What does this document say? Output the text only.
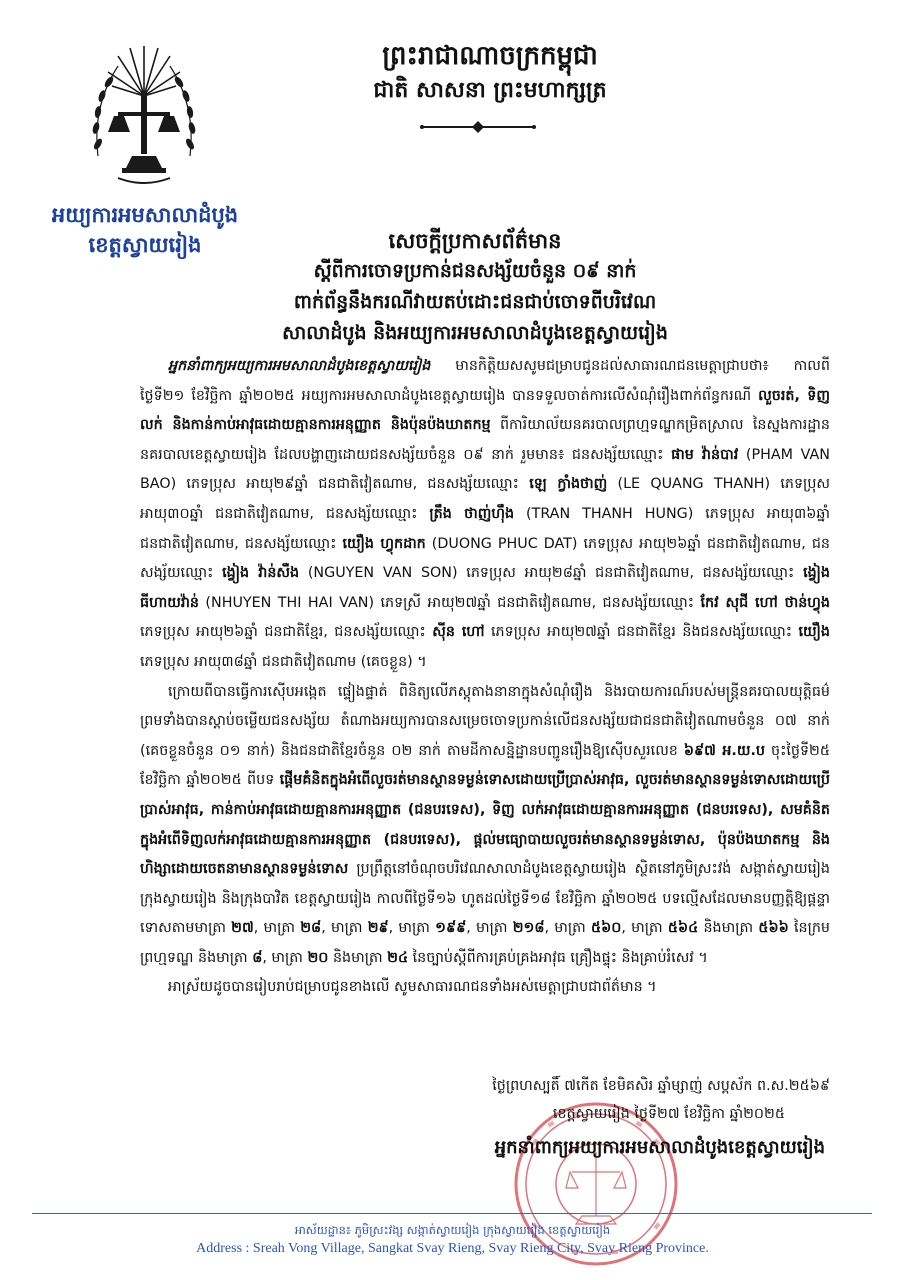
អយ្យការអមសាលាដំបូង
ខេត្តស្វាយរៀង
ព្រះរាជាណាចក្រកម្ពុជា
ជាតិ សាសនា ព្រះមហាក្សត្រ
សេចក្តីប្រកាសព័ត៌មាន
ស្តីពីការចោទប្រកាន់ជនសង្ស័យចំនួន ០៩ នាក់
ពាក់ព័ន្ធនឹងករណីវាយតប់ដោះជនជាប់ចោទពីបរិវេណ
សាលាដំបូង និងអយ្យការអមសាលាដំបូងខេត្តស្វាយរៀង

អ្នកនាំពាក្យអយ្យការអមសាលាដំបូងខេត្តស្វាយរៀង មានកិត្តិយសសូមជម្រាបជូនដល់សាធារណជនមេត្តាជ្រាបថា៖ កាលពីថ្ងៃទី២១ ខែវិច្ឆិកា ឆ្នាំ២០២៥ អយ្យការអមសាលាដំបូងខេត្តស្វាយរៀង បានទទួលចាត់ការលើសំណុំរឿងពាក់ព័ន្ធករណី លួចរត់, ទិញ លក់ និងកាន់កាប់អាវុធដោយគ្មានការអនុញ្ញាត និងប៉ុនប៉ងឃាតកម្ម ពីការិយាល័យនគរបាលព្រហ្មទណ្ឌកម្រិតស្រាល នៃស្នងការដ្ឋាននគរបាលខេត្តស្វាយរៀង ដែលបង្ហាញដោយជនសង្ស័យចំនួន ០៩ នាក់ រួមមាន៖ ជនសង្ស័យឈ្មោះ ផាម វ៉ាន់បាវ (PHAM VAN BAO) ភេទប្រុស អាយុ២៩ឆ្នាំ ជនជាតិវៀតណាម, ជនសង្ស័យឈ្មោះ ឡេ ក្វាំងថាញ់ (LE QUANG THANH) ភេទប្រុស អាយុ៣០ឆ្នាំ ជនជាតិវៀតណាម, ជនសង្ស័យឈ្មោះ ត្រឹង ថាញ់ហ៊ឹង (TRAN THANH HUNG) ភេទប្រុស អាយុ៣៦ឆ្នាំ ជនជាតិវៀតណាម, ជនសង្ស័យឈ្មោះ យឿង ហ្វុកដាក (DUONG PHUC DAT) ភេទប្រុស អាយុ២៦ឆ្នាំ ជនជាតិវៀតណាម, ជនសង្ស័យឈ្មោះ ង្វៀង វ៉ាន់សឺង (NGUYEN VAN SON) ភេទប្រុស អាយុ២៨ឆ្នាំ ជនជាតិវៀតណាម, ជនសង្ស័យឈ្មោះ ង្វៀង ធីហាយវ៉ាន់ (NHUYEN THI HAI VAN) ភេទស្រី អាយុ២៧ឆ្នាំ ជនជាតិវៀតណាម, ជនសង្ស័យឈ្មោះ កែវ សុជី ហៅ ថាន់ហ្វុង ភេទប្រុស អាយុ២៦ឆ្នាំ ជនជាតិខ្មែរ, ជនសង្ស័យឈ្មោះ ស៊ីន ហៅ ភេទប្រុស អាយុ២៧ឆ្នាំ ជនជាតិខ្មែរ និងជនសង្ស័យឈ្មោះ យឿង ភេទប្រុស អាយុ៣៨ឆ្នាំ ជនជាតិវៀតណាម (គេចខ្លួន) ។

ក្រោយពីបានធ្វើការស៊ើបអង្កេត ផ្ទៀងផ្ទាត់ ពិនិត្យលើភស្តុតាងនានាក្នុងសំណុំរឿង និងរបាយការណ៍របស់មន្ត្រីនគរបាលយុត្តិធម៌ ព្រមទាំងបានស្តាប់ចម្លើយជនសង្ស័យ តំណាងអយ្យការបានសម្រេចចោទប្រកាន់លើជនសង្ស័យជាជនជាតិវៀតណាមចំនួន ០៧ នាក់ (គេចខ្លួនចំនួន ០១ នាក់) និងជនជាតិខ្មែរចំនួន ០២ នាក់ តាមដីកាសន្និដ្ឋានបញ្ជូនរឿងឱ្យស៊ើបសួរលេខ ៦៩៧ អ.យ.ប ចុះថ្ងៃទី២៥ ខែវិច្ឆិកា ឆ្នាំ២០២៥ ពីបទ ផ្តើមគំនិតក្នុងអំពើលួចរត់មានស្ថានទម្ងន់ទោសដោយប្រើប្រាស់អាវុធ, លួចរត់មានស្ថានទម្ងន់ទោសដោយប្រើប្រាស់អាវុធ, កាន់កាប់អាវុធដោយគ្មានការអនុញ្ញាត (ជនបរទេស), ទិញ លក់អាវុធដោយគ្មានការអនុញ្ញាត (ជនបរទេស), សមគំនិតក្នុងអំពើទិញលក់អាវុធដោយគ្មានការអនុញ្ញាត (ជនបរទេស), ផ្តល់មធ្យោបាយលួចរត់មានស្ថានទម្ងន់ទោស, ប៉ុនប៉ងឃាតកម្ម និងហិង្សាដោយចេតនាមានស្ថានទម្ងន់ទោស ប្រព្រឹត្តនៅចំណុចបរិវេណសាលាដំបូងខេត្តស្វាយរៀង ស្ថិតនៅភូមិស្រះវង់ សង្កាត់ស្វាយរៀង ក្រុងស្វាយរៀង និងក្រុងបាវិត ខេត្តស្វាយរៀង កាលពីថ្ងៃទី១៦ ហូតដល់ថ្ងៃទី១៨ ខែវិច្ឆិកា ឆ្នាំ២០២៥ បទល្មើសដែលមានបញ្ញត្តិឱ្យផ្តន្ទាទោសតាមមាត្រា ២៧, មាត្រា ២៨, មាត្រា ២៩, មាត្រា ១៩៩, មាត្រា ២១៨, មាត្រា ៥៦០, មាត្រា ៥៦៤ និងមាត្រា ៥៦៦ នៃក្រមព្រហ្មទណ្ឌ និងមាត្រា ៨, មាត្រា ២០ និងមាត្រា ២៤ នៃច្បាប់ស្តីពីការគ្រប់គ្រងអាវុធ គ្រឿងផ្ទុះ និងគ្រាប់រំសេវ ។

អាស្រ័យដូចបានរៀបរាប់ជម្រាបជូនខាងលើ សូមសាធារណជនទាំងអស់មេត្តាជ្រាបជាព័ត៌មាន ។

ថ្ងៃព្រហស្បតិ៍ ៧កើត ខែមិគសិរ ឆ្នាំម្សាញ់ សប្តស័ក ព.ស.២៥៦៩
ខេត្តស្វាយរៀង ថ្ងៃទី២៧ ខែវិច្ឆិកា ឆ្នាំ២០២៥
អ្នកនាំពាក្យអយ្យការអមសាលាដំបូងខេត្តស្វាយរៀង
អាស័យដ្ឋាន៖ ភូមិស្រះវង្ស សង្កាត់ស្វាយរៀង ក្រុងស្វាយរៀង ខេត្តស្វាយរៀង
Address : Sreah Vong Village, Sangkat Svay Rieng, Svay Rieng City, Svay Rieng Province.
